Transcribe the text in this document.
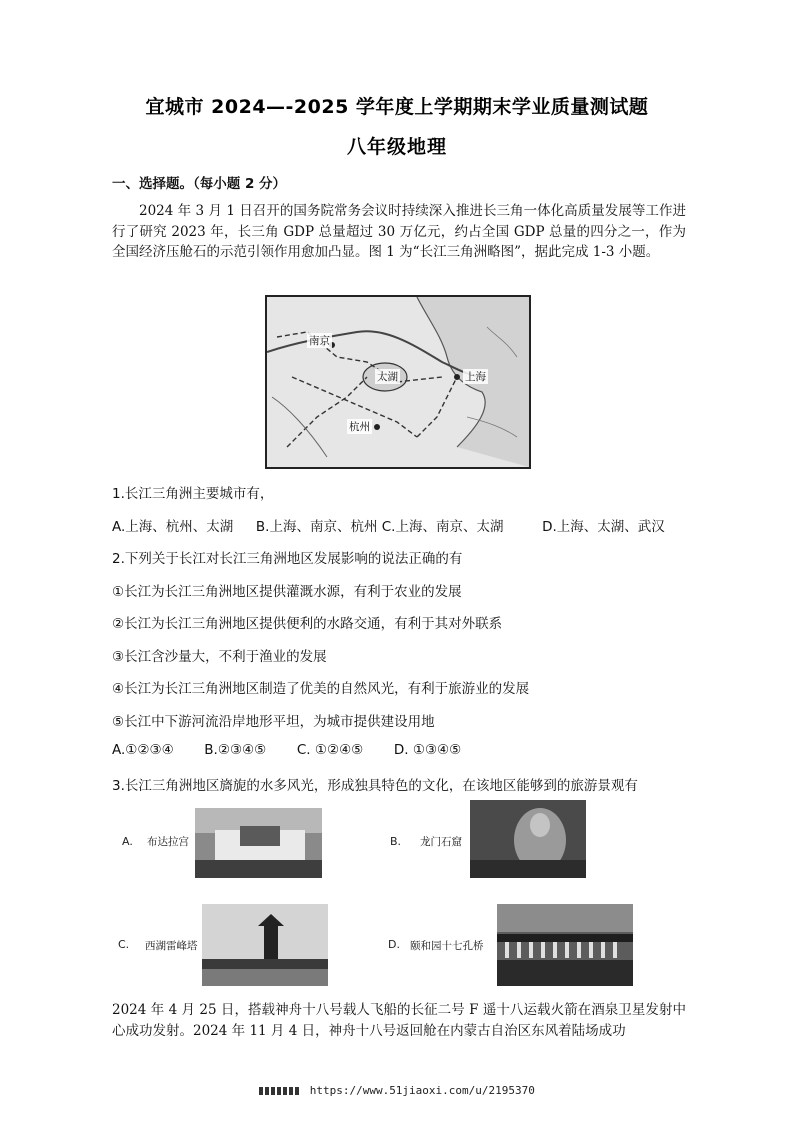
宜城市 2024—-2025 学年度上学期期末学业质量测试题
八年级地理
一、选择题。（每小题 2 分）

2024 年 3 月 1 日召开的国务院常务会议时持续深入推进长三角一体化高质量发展等工作进行了研究 2023 年，长三角 GDP 总量超过 30 万亿元，约占全国 GDP 总量的四分之一，作为全国经济压舱石的示范引领作用愈加凸显。图 1 为“长江三角洲略图”，据此完成 1-3 小题。

南京
太湖	上海
杭州
1.长江三角洲主要城市有，
A.上海、杭州、太湖 B.上海、南京、杭州 C.上海、南京、太湖	D.上海、太湖、武汉
2.下列关于长江对长江三角洲地区发展影响的说法正确的有
①长江为长江三角洲地区提供灌溉水源，有利于农业的发展
②长江为长江三角洲地区提供便利的水路交通，有利于其对外联系
③长江含沙量大，不利于渔业的发展
④长江为长江三角洲地区制造了优美的自然风光，有利于旅游业的发展
⑤长江中下游河流沿岸地形平坦，为城市提供建设用地
A.①②③④ B.②③④⑤ C. ①②④⑤ D. ①③④⑤
3.长江三角洲地区旖旎的水多风光，形成独具特色的文化，在该地区能够到的旅游景观有
A. 布达拉宫	B. 龙门石窟
C. 西湖雷峰塔	D. 颐和园十七孔桥

2024 年 4 月 25 日，搭载神舟十八号载人飞船的长征二号 F 遥十八运载火箭在酒泉卫星发射中心成功发射。2024 年 11 月 4 日，神舟十八号返回舱在内蒙古自治区东风着陆场成功

https://www.51jiaoxi.com/u/2195370
